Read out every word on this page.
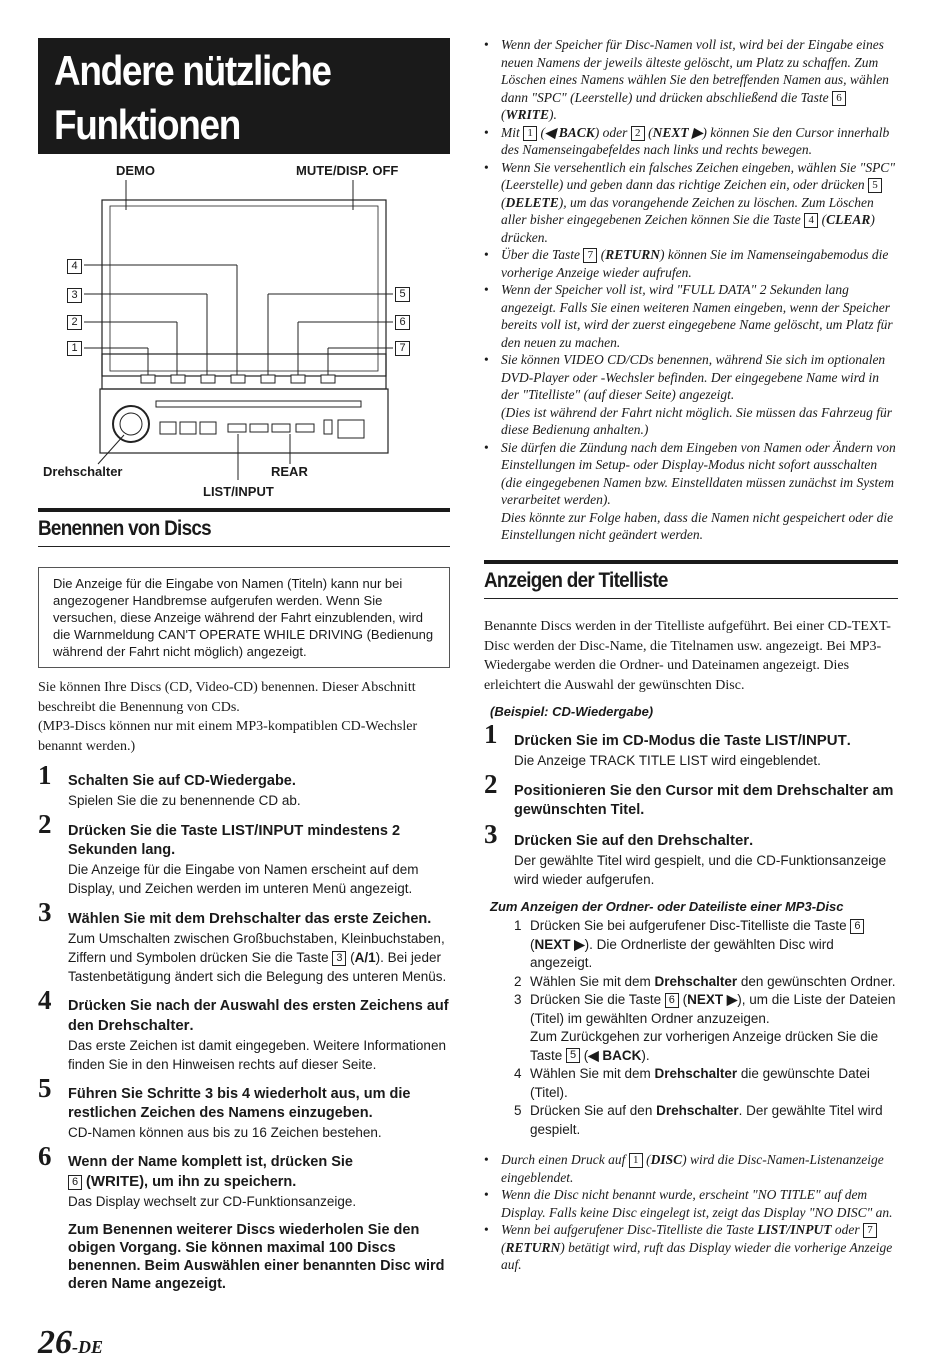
Andere nützliche
Funktionen
DEMO	MUTE/DISP. OFF
4
3
2
1
5
6
7
Drehschalter	REAR
LIST/INPUT
Benennen von Discs
Die Anzeige für die Eingabe von Namen (Titeln) kann nur bei angezogener Handbremse aufgerufen werden. Wenn Sie versuchen, diese Anzeige während der Fahrt einzublenden, wird die Warnmeldung CAN'T OPERATE WHILE DRIVING (Bedienung während der Fahrt nicht möglich) angezeigt.
Sie können Ihre Discs (CD, Video-CD) benennen. Dieser Abschnitt beschreibt die Benennung von CDs.
(MP3-Discs können nur mit einem MP3-kompatiblen CD-Wechsler benannt werden.)
1 Schalten Sie auf CD-Wiedergabe.
Spielen Sie die zu benennende CD ab.
2 Drücken Sie die Taste LIST/INPUT mindestens 2 Sekunden lang.
Die Anzeige für die Eingabe von Namen erscheint auf dem Display, und Zeichen werden im unteren Menü angezeigt.
3 Wählen Sie mit dem Drehschalter das erste Zeichen.
Zum Umschalten zwischen Großbuchstaben, Kleinbuchstaben, Ziffern und Symbolen drücken Sie die Taste 3 (A/1). Bei jeder Tastenbetätigung ändert sich die Belegung des unteren Menüs.
4 Drücken Sie nach der Auswahl des ersten Zeichens auf den Drehschalter.
Das erste Zeichen ist damit eingegeben. Weitere Informationen finden Sie in den Hinweisen rechts auf dieser Seite.
5 Führen Sie Schritte 3 bis 4 wiederholt aus, um die restlichen Zeichen des Namens einzugeben.
CD-Namen können aus bis zu 16 Zeichen bestehen.
6 Wenn der Name komplett ist, drücken Sie
6 (WRITE), um ihn zu speichern.
Das Display wechselt zur CD-Funktionsanzeige.
Zum Benennen weiterer Discs wiederholen Sie den obigen Vorgang. Sie können maximal 100 Discs benennen. Beim Auswählen einer benannten Disc wird deren Name angezeigt.
26-DE
• Wenn der Speicher für Disc-Namen voll ist, wird bei der Eingabe eines neuen Namens der jeweils älteste gelöscht, um Platz zu schaffen. Zum Löschen eines Namens wählen Sie den betreffenden Namen aus, wählen dann "SPC" (Leerstelle) und drücken abschließend die Taste 6 (WRITE).
• Mit 1 (◀ BACK) oder 2 (NEXT ▶) können Sie den Cursor innerhalb des Namenseingabefeldes nach links und rechts bewegen.
• Wenn Sie versehentlich ein falsches Zeichen eingeben, wählen Sie "SPC" (Leerstelle) und geben dann das richtige Zeichen ein, oder drücken 5 (DELETE), um das vorangehende Zeichen zu löschen. Zum Löschen aller bisher eingegebenen Zeichen können Sie die Taste 4 (CLEAR) drücken.
• Über die Taste 7 (RETURN) können Sie im Namenseingabemodus die vorherige Anzeige wieder aufrufen.
• Wenn der Speicher voll ist, wird "FULL DATA" 2 Sekunden lang angezeigt. Falls Sie einen weiteren Namen eingeben, wenn der Speicher bereits voll ist, wird der zuerst eingegebene Name gelöscht, um Platz für den neuen zu machen.
• Sie können VIDEO CD/CDs benennen, während Sie sich im optionalen DVD-Player oder -Wechsler befinden. Der eingegebene Name wird in der "Titelliste" (auf dieser Seite) angezeigt.
(Dies ist während der Fahrt nicht möglich. Sie müssen das Fahrzeug für diese Bedienung anhalten.)
• Sie dürfen die Zündung nach dem Eingeben von Namen oder Ändern von Einstellungen im Setup- oder Display-Modus nicht sofort ausschalten (die eingegebenen Namen bzw. Einstelldaten müssen zunächst im System verarbeitet werden).
Dies könnte zur Folge haben, dass die Namen nicht gespeichert oder die Einstellungen nicht geändert werden.
Anzeigen der Titelliste
Benannte Discs werden in der Titelliste aufgeführt. Bei einer CD-TEXT-Disc werden der Disc-Name, die Titelnamen usw. angezeigt. Bei MP3-Wiedergabe werden die Ordner- und Dateinamen angezeigt. Dies erleichtert die Auswahl der gewünschten Disc.
(Beispiel: CD-Wiedergabe)
1 Drücken Sie im CD-Modus die Taste LIST/INPUT.
Die Anzeige TRACK TITLE LIST wird eingeblendet.
2 Positionieren Sie den Cursor mit dem Drehschalter am gewünschten Titel.
3 Drücken Sie auf den Drehschalter.
Der gewählte Titel wird gespielt, und die CD-Funktionsanzeige wird wieder aufgerufen.
Zum Anzeigen der Ordner- oder Dateiliste einer MP3-Disc
1 Drücken Sie bei aufgerufener Disc-Titelliste die Taste 6 (NEXT ▶). Die Ordnerliste der gewählten Disc wird angezeigt.
2 Wählen Sie mit dem Drehschalter den gewünschten Ordner.
3 Drücken Sie die Taste 6 (NEXT ▶), um die Liste der Dateien (Titel) im gewählten Ordner anzuzeigen.
Zum Zurückgehen zur vorherigen Anzeige drücken Sie die Taste 5 (◀ BACK).
4 Wählen Sie mit dem Drehschalter die gewünschte Datei (Titel).
5 Drücken Sie auf den Drehschalter. Der gewählte Titel wird gespielt.
• Durch einen Druck auf 1 (DISC) wird die Disc-Namen-Listenanzeige eingeblendet.
• Wenn die Disc nicht benannt wurde, erscheint "NO TITLE" auf dem Display. Falls keine Disc eingelegt ist, zeigt das Display "NO DISC" an.
• Wenn bei aufgerufener Disc-Titelliste die Taste LIST/INPUT oder 7 (RETURN) betätigt wird, ruft das Display wieder die vorherige Anzeige auf.
